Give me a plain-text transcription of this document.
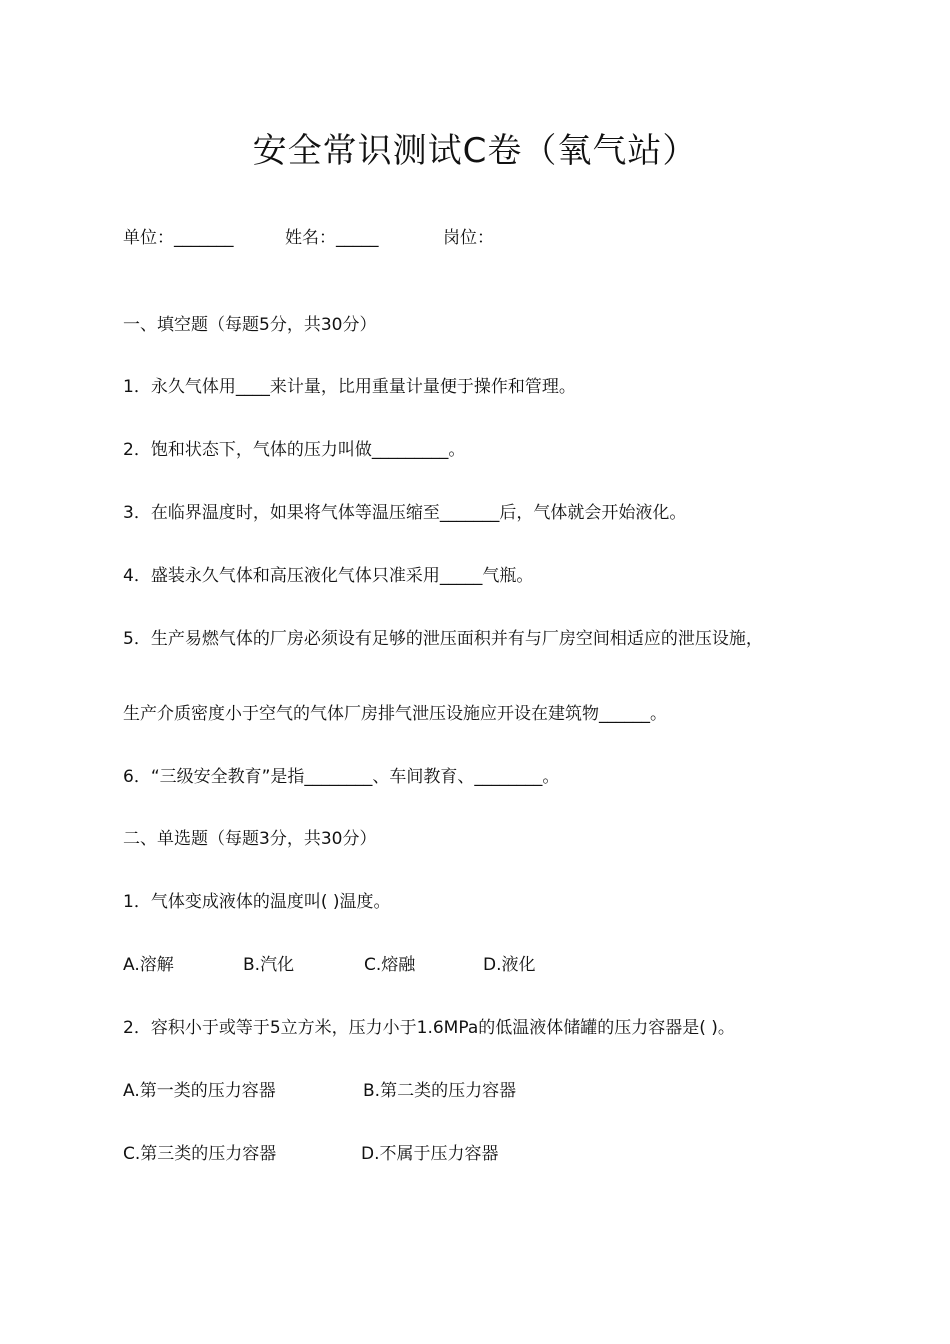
安全常识测试C卷（氧气站）
单位：_______	姓名：_____	岗位：
一、填空题（每题5分，共30分）
1．永久气体用____来计量，比用重量计量便于操作和管理。
2．饱和状态下，气体的压力叫做_________。
3．在临界温度时，如果将气体等温压缩至_______后，气体就会开始液化。
4．盛装永久气体和高压液化气体只准采用_____气瓶。
5．生产易燃气体的厂房必须设有足够的泄压面积并有与厂房空间相适应的泄压设施，
生产介质密度小于空气的气体厂房排气泄压设施应开设在建筑物______。
6．“三级安全教育”是指________、车间教育、________。
二、单选题（每题3分，共30分）
1．气体变成液体的温度叫( )温度。
A.溶解	B.汽化	C.熔融	D.液化
2．容积小于或等于5立方米，压力小于1.6MPa的低温液体储罐的压力容器是( )。
A.第一类的压力容器	B.第二类的压力容器
C.第三类的压力容器	D.不属于压力容器
